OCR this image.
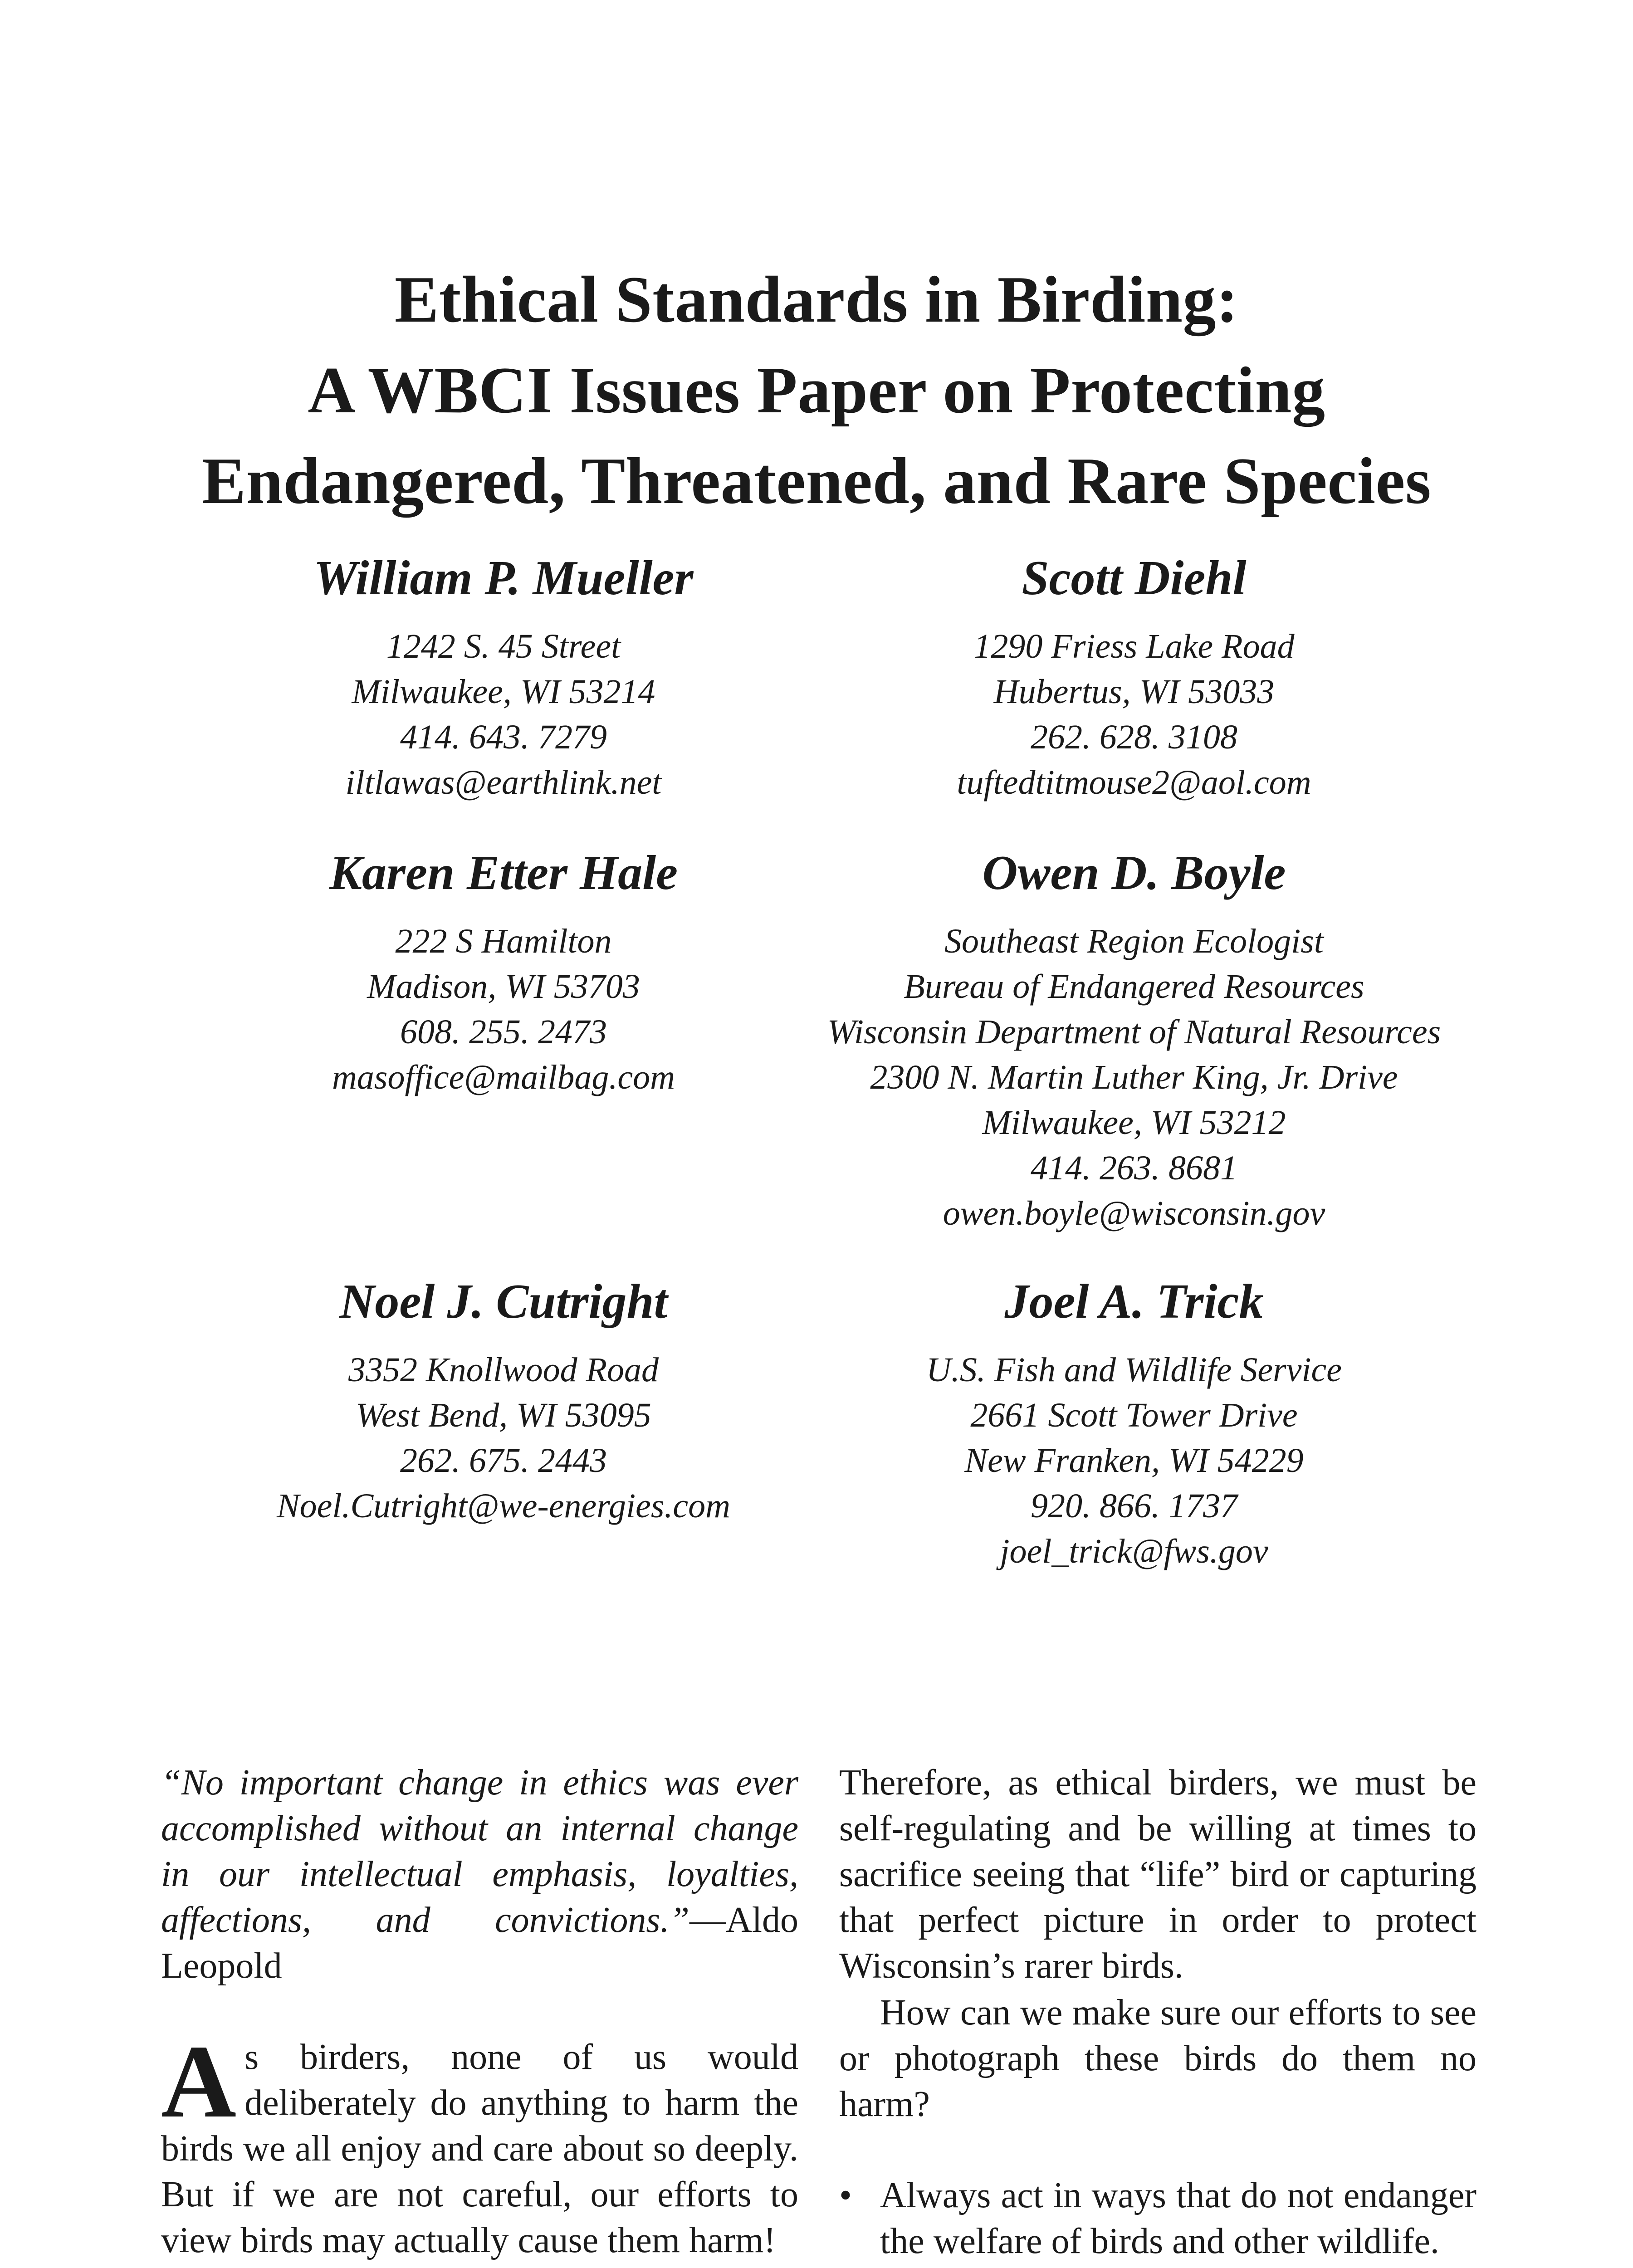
Ethical Standards in Birding:
A WBCI Issues Paper on Protecting
Endangered, Threatened, and Rare Species
William P. Mueller
1242 S. 45 Street
Milwaukee, WI 53214
414. 643. 7279
iltlawas@earthlink.net
Scott Diehl
1290 Friess Lake Road
Hubertus, WI 53033
262. 628. 3108
tuftedtitmouse2@aol.com
Karen Etter Hale
222 S Hamilton
Madison, WI 53703
608. 255. 2473
masoffice@mailbag.com
Owen D. Boyle
Southeast Region Ecologist
Bureau of Endangered Resources
Wisconsin Department of Natural Resources
2300 N. Martin Luther King, Jr. Drive
Milwaukee, WI 53212
414. 263. 8681
owen.boyle@wisconsin.gov
Noel J. Cutright
3352 Knollwood Road
West Bend, WI 53095
262. 675. 2443
Noel.Cutright@we-energies.com
Joel A. Trick
U.S. Fish and Wildlife Service
2661 Scott Tower Drive
New Franken, WI 54229
920. 866. 1737
joel_trick@fws.gov

“No important change in ethics was ever accomplished without an internal change in our intellectual emphasis, loyalties, affections, and convictions.”—Aldo Leopold

As birders, none of us would deliberately do anything to harm the birds we all enjoy and care about so deeply. But if we are not careful, our efforts to view birds may actually cause them harm!

Therefore, as ethical birders, we must be self-regulating and be willing at times to sacrifice seeing that “life” bird or capturing that perfect picture in order to protect Wisconsin’s rarer birds.

How can we make sure our efforts to see or photograph these birds do them no harm?

• Always act in ways that do not endanger the welfare of birds and other wildlife.
